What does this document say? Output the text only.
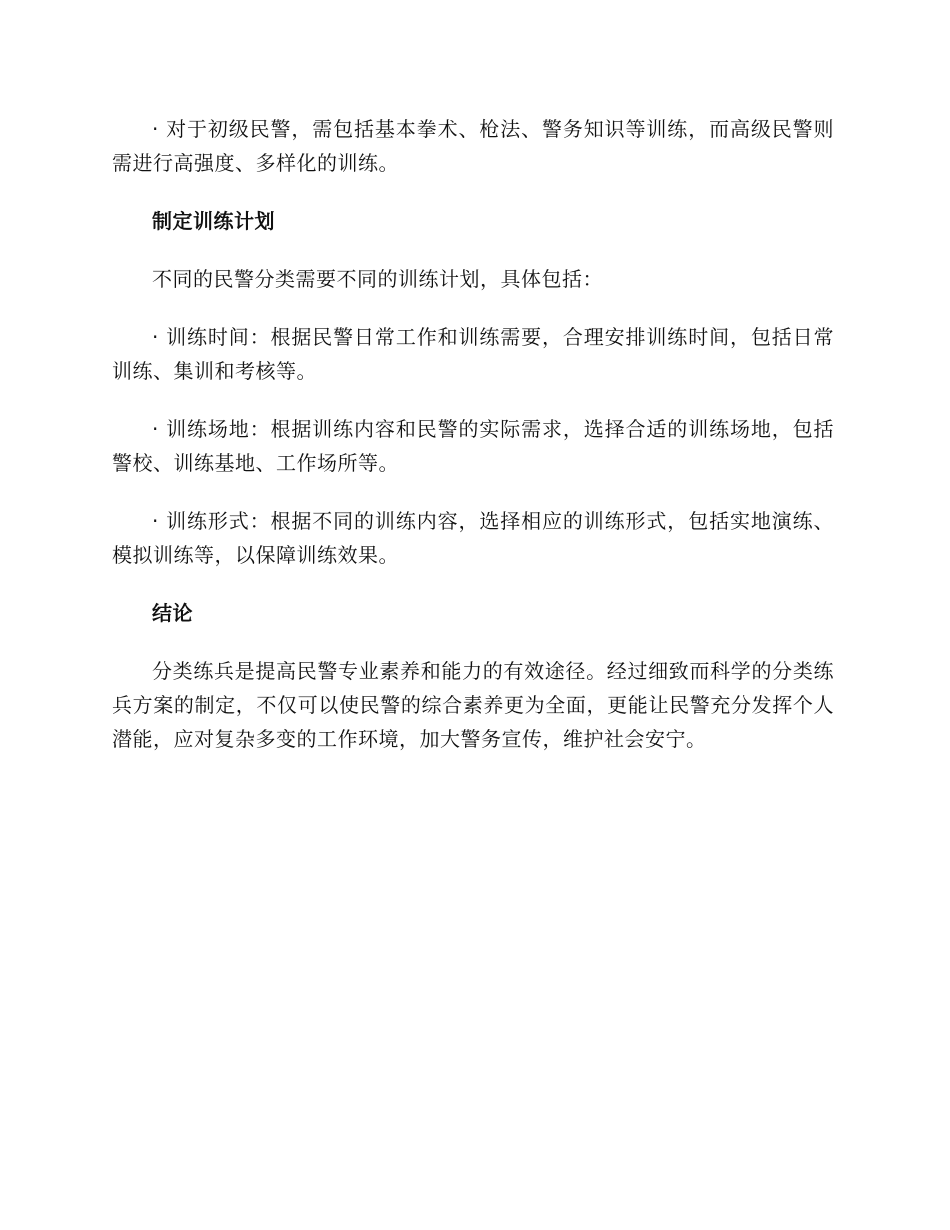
· 对于初级民警，需包括基本拳术、枪法、警务知识等训练，而高级民警则需进行高强度、多样化的训练。

制定训练计划

不同的民警分类需要不同的训练计划，具体包括：

· 训练时间：根据民警日常工作和训练需要，合理安排训练时间，包括日常训练、集训和考核等。

· 训练场地：根据训练内容和民警的实际需求，选择合适的训练场地，包括警校、训练基地、工作场所等。

· 训练形式：根据不同的训练内容，选择相应的训练形式，包括实地演练、模拟训练等，以保障训练效果。

结论

分类练兵是提高民警专业素养和能力的有效途径。经过细致而科学的分类练兵方案的制定，不仅可以使民警的综合素养更为全面，更能让民警充分发挥个人潜能，应对复杂多变的工作环境，加大警务宣传，维护社会安宁。
